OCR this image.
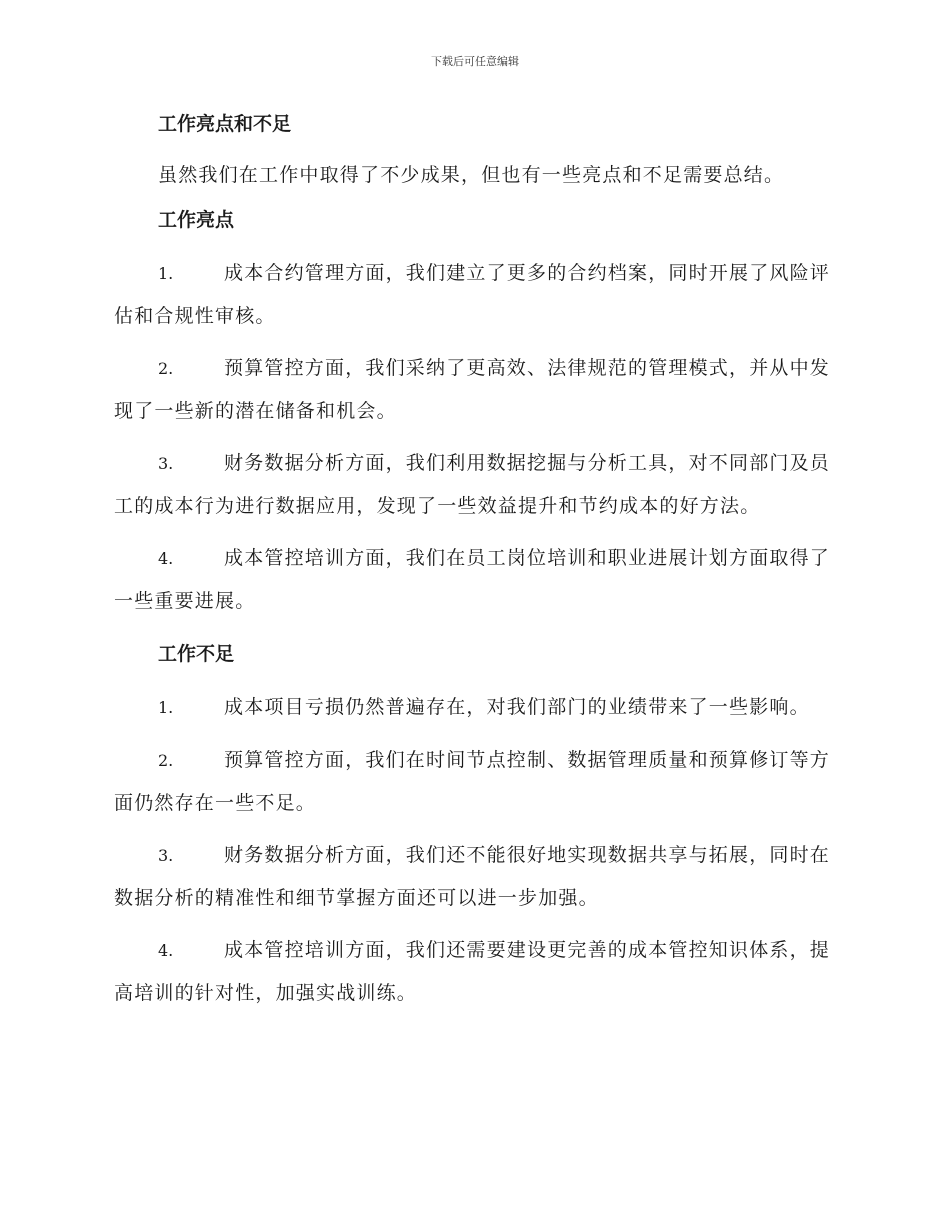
下载后可任意编辑
工作亮点和不足
虽然我们在工作中取得了不少成果，但也有一些亮点和不足需要总结。
工作亮点
1.	成本合约管理方面，我们建立了更多的合约档案，同时开展了风险评估和合规性审核。
2.	预算管控方面，我们采纳了更高效、法律规范的管理模式，并从中发现了一些新的潜在储备和机会。
3.	财务数据分析方面，我们利用数据挖掘与分析工具，对不同部门及员工的成本行为进行数据应用，发现了一些效益提升和节约成本的好方法。
4.	成本管控培训方面，我们在员工岗位培训和职业进展计划方面取得了一些重要进展。
工作不足
1.	成本项目亏损仍然普遍存在，对我们部门的业绩带来了一些影响。
2.	预算管控方面，我们在时间节点控制、数据管理质量和预算修订等方面仍然存在一些不足。
3.	财务数据分析方面，我们还不能很好地实现数据共享与拓展，同时在数据分析的精准性和细节掌握方面还可以进一步加强。
4.	成本管控培训方面，我们还需要建设更完善的成本管控知识体系，提高培训的针对性，加强实战训练。
